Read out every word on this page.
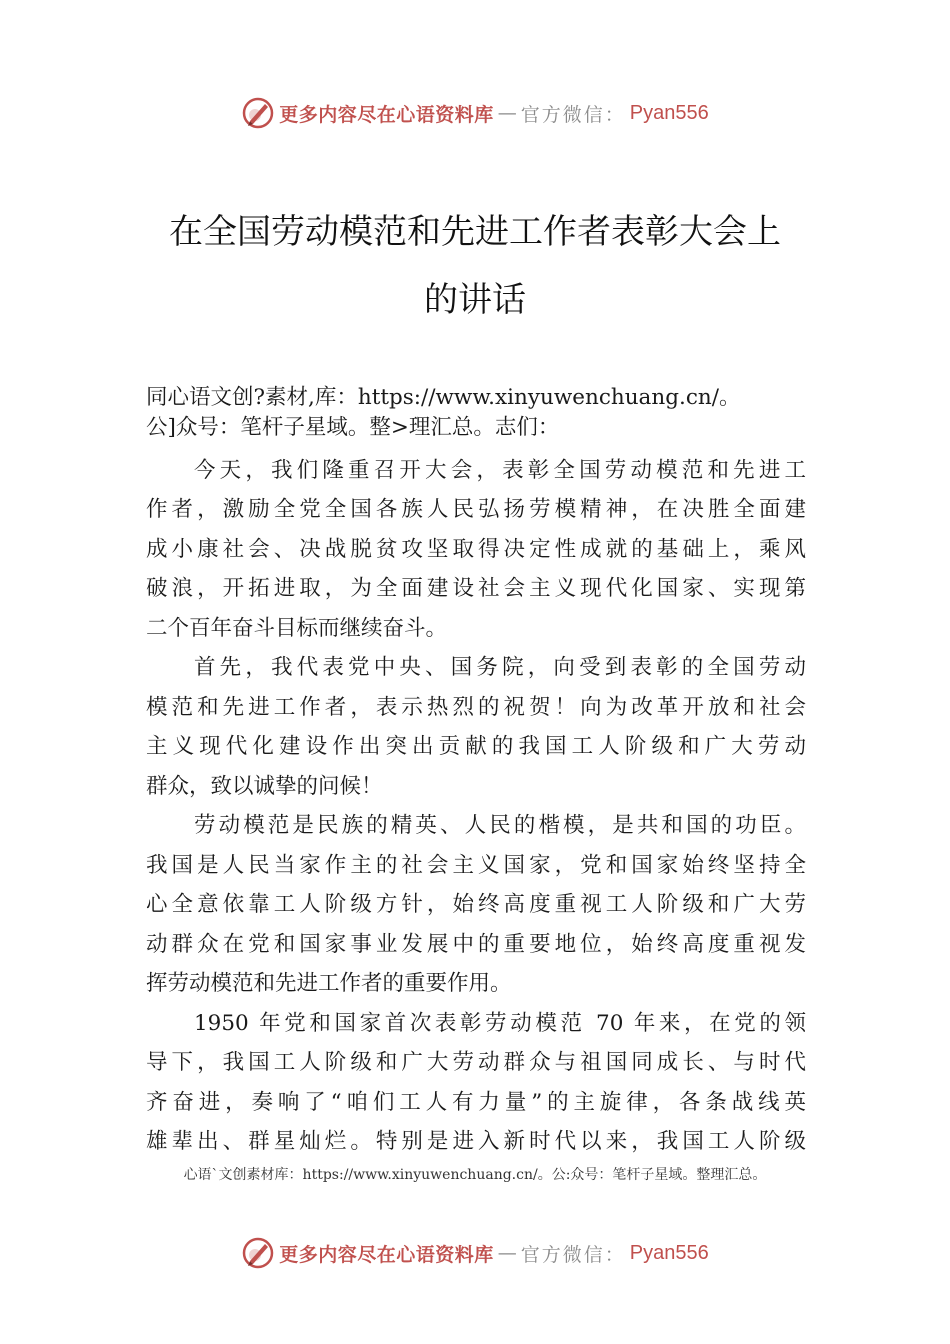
更多内容尽在心语资料库 — 官方微信： Pyan556
在全国劳动模范和先进工作者表彰大会上
的讲话
同心语文创?素材,库：https://www.xinyuwenchuang.cn/。
公]众号：笔杆子星域。整>理汇总。志们：
今天，我们隆重召开大会，表彰全国劳动模范和先进工
作者，激励全党全国各族人民弘扬劳模精神，在决胜全面建
成小康社会、决战脱贫攻坚取得决定性成就的基础上，乘风
破浪，开拓进取，为全面建设社会主义现代化国家、实现第
二个百年奋斗目标而继续奋斗。
首先，我代表党中央、国务院，向受到表彰的全国劳动
模范和先进工作者，表示热烈的祝贺！向为改革开放和社会
主义现代化建设作出突出贡献的我国工人阶级和广大劳动
群众，致以诚挚的问候！
劳动模范是民族的精英、人民的楷模，是共和国的功臣。
我国是人民当家作主的社会主义国家，党和国家始终坚持全
心全意依靠工人阶级方针，始终高度重视工人阶级和广大劳
动群众在党和国家事业发展中的重要地位，始终高度重视发
挥劳动模范和先进工作者的重要作用。
1950 年党和国家首次表彰劳动模范 70 年来，在党的领
导下，我国工人阶级和广大劳动群众与祖国同成长、与时代
齐奋进，奏响了“咱们工人有力量”的主旋律，各条战线英
雄辈出、群星灿烂。特别是进入新时代以来，我国工人阶级
心语`文创素材库：https://www.xinyuwenchuang.cn/。公:众号：笔杆子星域。整理汇总。
更多内容尽在心语资料库 — 官方微信： Pyan556
